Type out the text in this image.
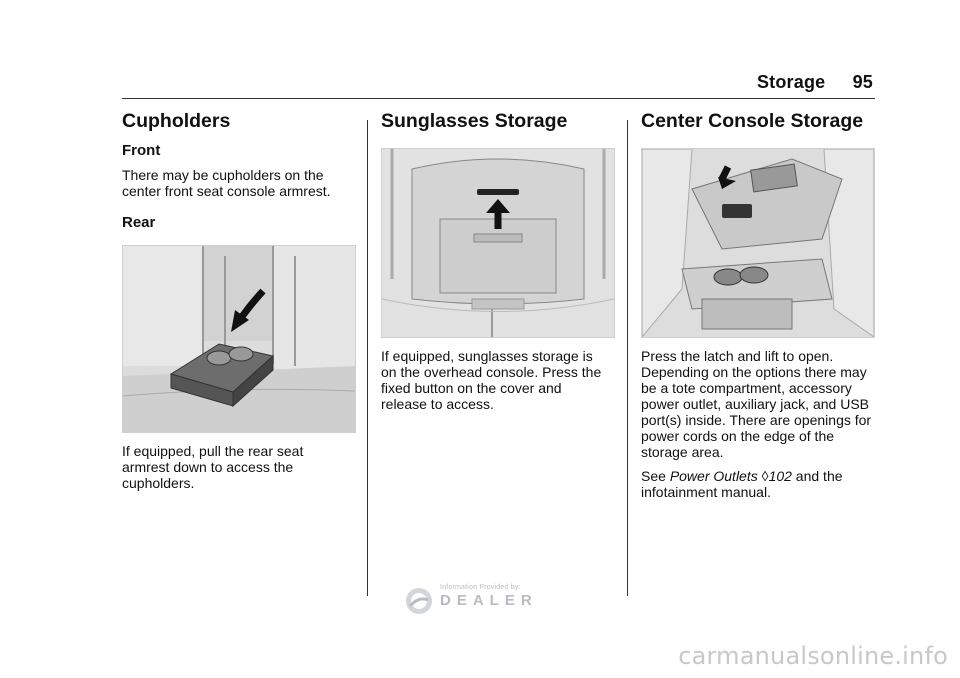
Storage 95
Cupholders
Front

There may be cupholders on the center front seat console armrest.

Rear

If equipped, pull the rear seat armrest down to access the cupholders.

Sunglasses Storage

If equipped, sunglasses storage is on the overhead console. Press the fixed button on the cover and release to access.

Center Console Storage

Press the latch and lift to open. Depending on the options there may be a tote compartment, accessory power outlet, auxiliary jack, and USB port(s) inside. There are openings for power cords on the edge of the storage area.

See Power Outlets ◊102 and the infotainment manual.

Information Provided by:
DEALER
carmanualsonline.info
